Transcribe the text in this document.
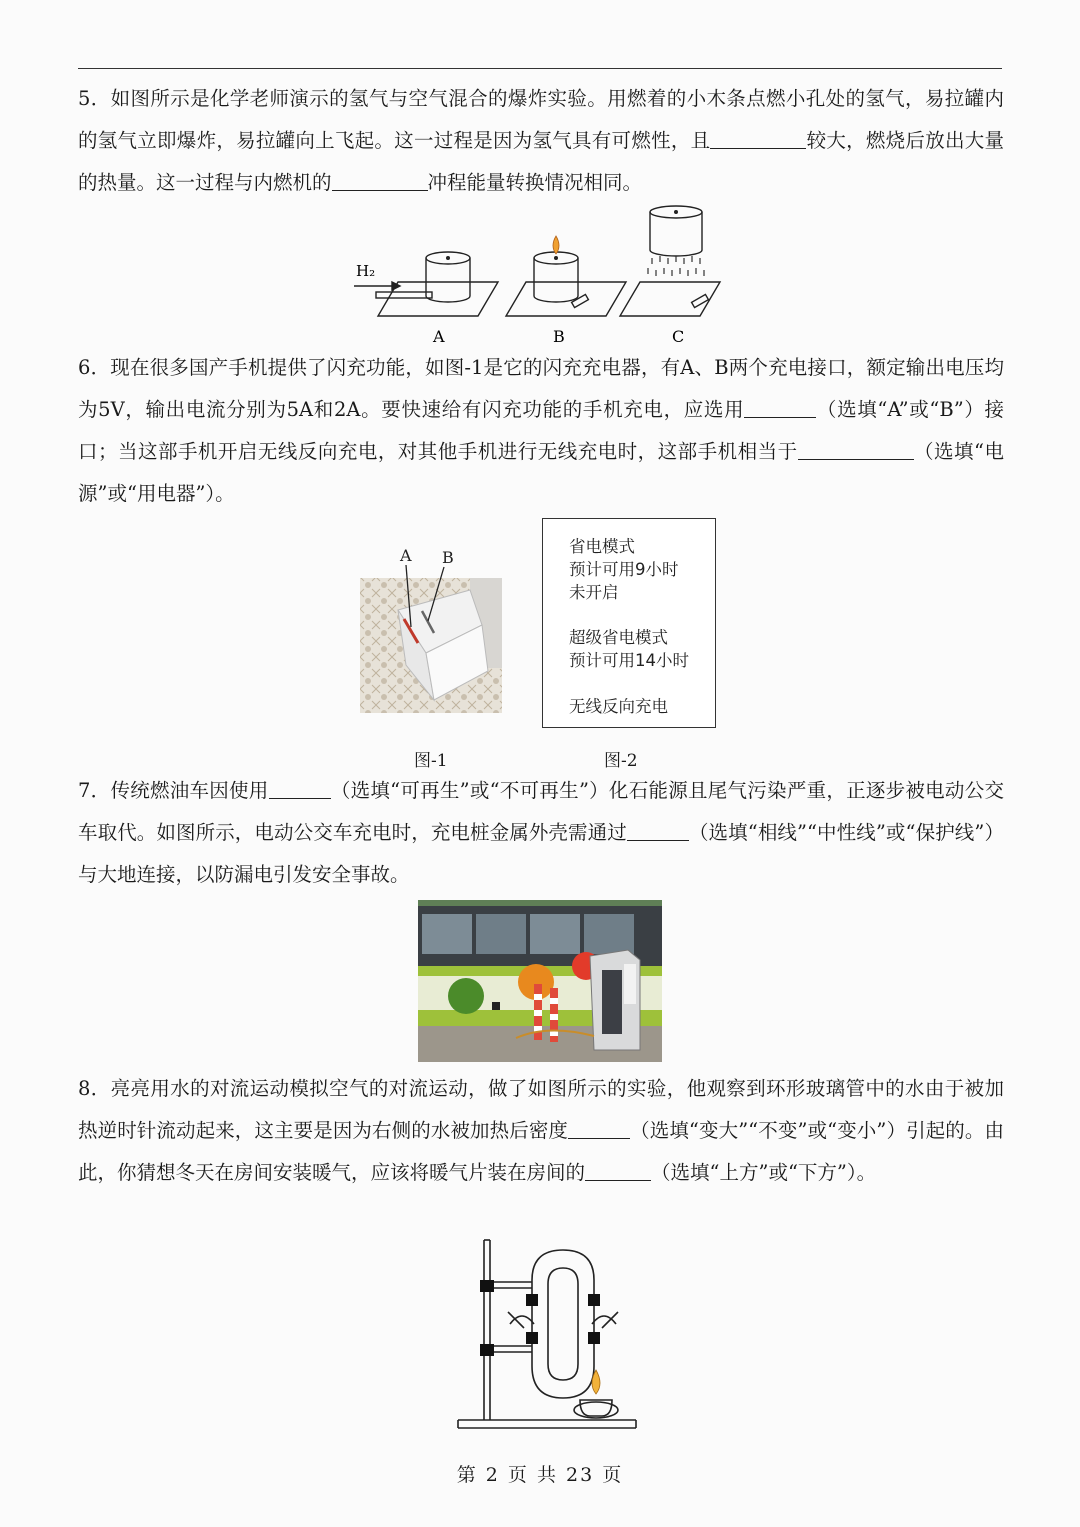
5．如图所示是化学老师演示的氢气与空气混合的爆炸实验。用燃着的小木条点燃小孔处的氢气，易拉罐内的氢气立即爆炸，易拉罐向上飞起。这一过程是因为氢气具有可燃性，且	较大，燃烧后放出大量的热量。这一过程与内燃机的	冲程能量转换情况相同。
H₂
A	B	C
6．现在很多国产手机提供了闪充功能，如图-1是它的闪充充电器，有A、B两个充电接口，额定输出电压均为5V，输出电流分别为5A和2A。要快速给有闪充功能的手机充电，应选用	（选填“A”或“B”）接口；当这部手机开启无线反向充电，对其他手机进行无线充电时，这部手机相当于	（选填“电源”或“用电器”）。
A B
省电模式
预计可用9小时
未开启
超级省电模式
预计可用14小时
无线反向充电
图-1	图-2
7．传统燃油车因使用	（选填“可再生”或“不可再生”）化石能源且尾气污染严重，正逐步被电动公交车取代。如图所示，电动公交车充电时，充电桩金属外壳需通过	（选填“相线”“中性线”或“保护线”）与大地连接，以防漏电引发安全事故。
8．亮亮用水的对流运动模拟空气的对流运动，做了如图所示的实验，他观察到环形玻璃管中的水由于被加热逆时针流动起来，这主要是因为右侧的水被加热后密度	（选填“变大”“不变”或“变小”）引起的。由此，你猜想冬天在房间安装暖气，应该将暖气片装在房间的	（选填“上方”或“下方”）。
第 2 页 共 23 页
